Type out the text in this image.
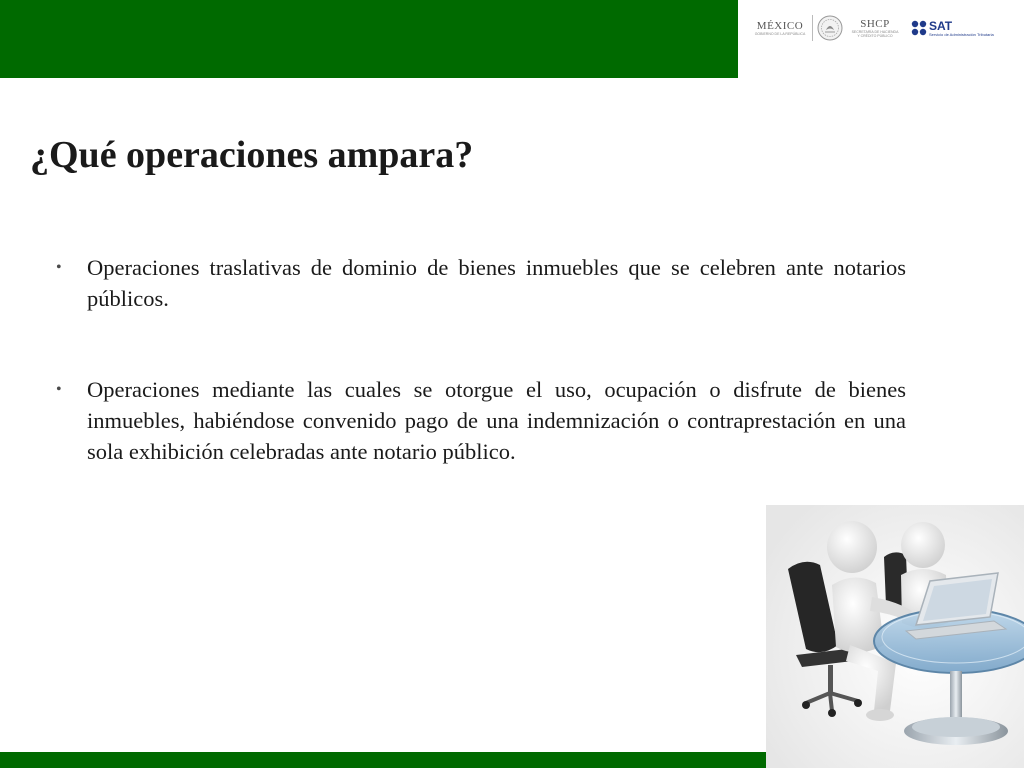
MÉXICO
GOBIERNO DE LA REPÚBLICA
SHCP
SECRETARÍA DE HACIENDA
Y CRÉDITO PÚBLICO
SAT
Servicio de Administración Tributaria
¿Qué operaciones ampara?
• Operaciones traslativas de dominio de bienes inmuebles que se celebren ante notarios públicos.
• Operaciones mediante las cuales se otorgue el uso, ocupación o disfrute de bienes inmuebles, habiéndose convenido pago de una indemnización o contraprestación en una sola exhibición celebradas ante notario público.
